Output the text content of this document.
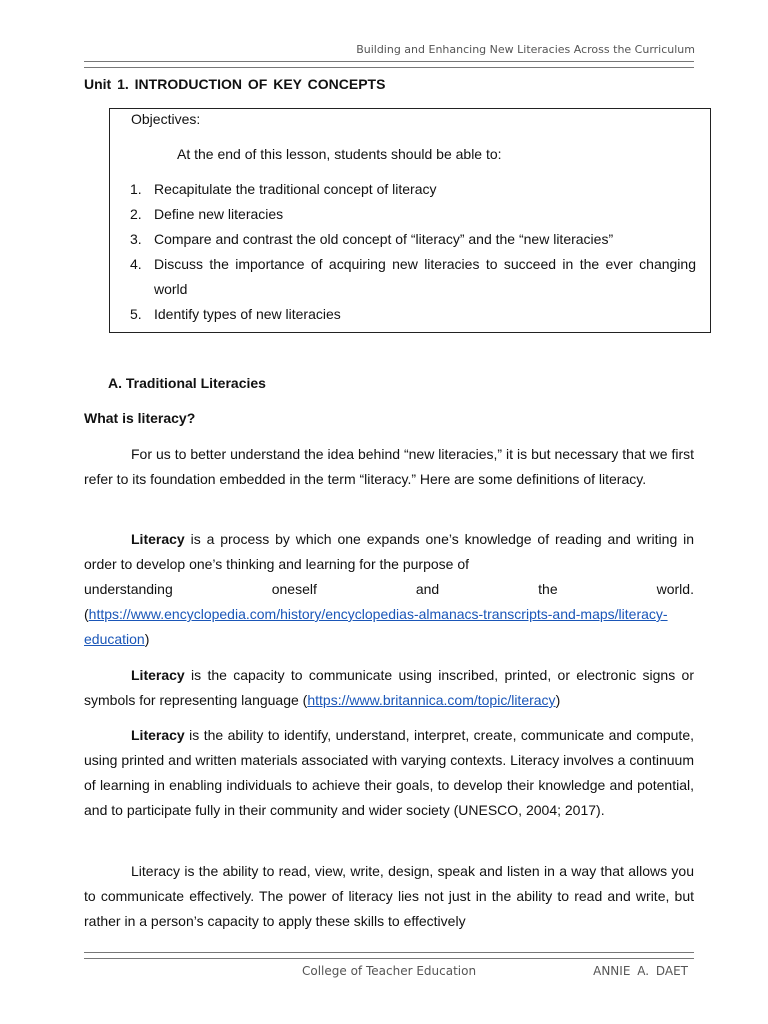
Building and Enhancing New Literacies Across the Curriculum
Unit 1. INTRODUCTION OF KEY CONCEPTS
Objectives:
At the end of this lesson, students should be able to:
1. Recapitulate the traditional concept of literacy
2. Define new literacies
3. Compare and contrast the old concept of “literacy” and the “new literacies”
4. Discuss the importance of acquiring new literacies to succeed in the ever changing world
5. Identify types of new literacies
A. Traditional Literacies
What is literacy?
For us to better understand the idea behind “new literacies,” it is but necessary that we first refer to its foundation embedded in the term “literacy.” Here are some definitions of literacy.
Literacy is a process by which one expands one’s knowledge of reading and writing in order to develop one’s thinking and learning for the purpose of
understanding	oneself	and	the	world.
(https://www.encyclopedia.com/history/encyclopedias-almanacs-transcripts-and-maps/literacy-education)
Literacy is the capacity to communicate using inscribed, printed, or electronic signs or symbols for representing language (https://www.britannica.com/topic/literacy)
Literacy is the ability to identify, understand, interpret, create, communicate and compute, using printed and written materials associated with varying contexts. Literacy involves a continuum of learning in enabling individuals to achieve their goals, to develop their knowledge and potential, and to participate fully in their community and wider society (UNESCO, 2004; 2017).
Literacy is the ability to read, view, write, design, speak and listen in a way that allows you to communicate effectively. The power of literacy lies not just in the ability to read and write, but rather in a person’s capacity to apply these skills to effectively
College of Teacher Education	ANNIE A. DAET
